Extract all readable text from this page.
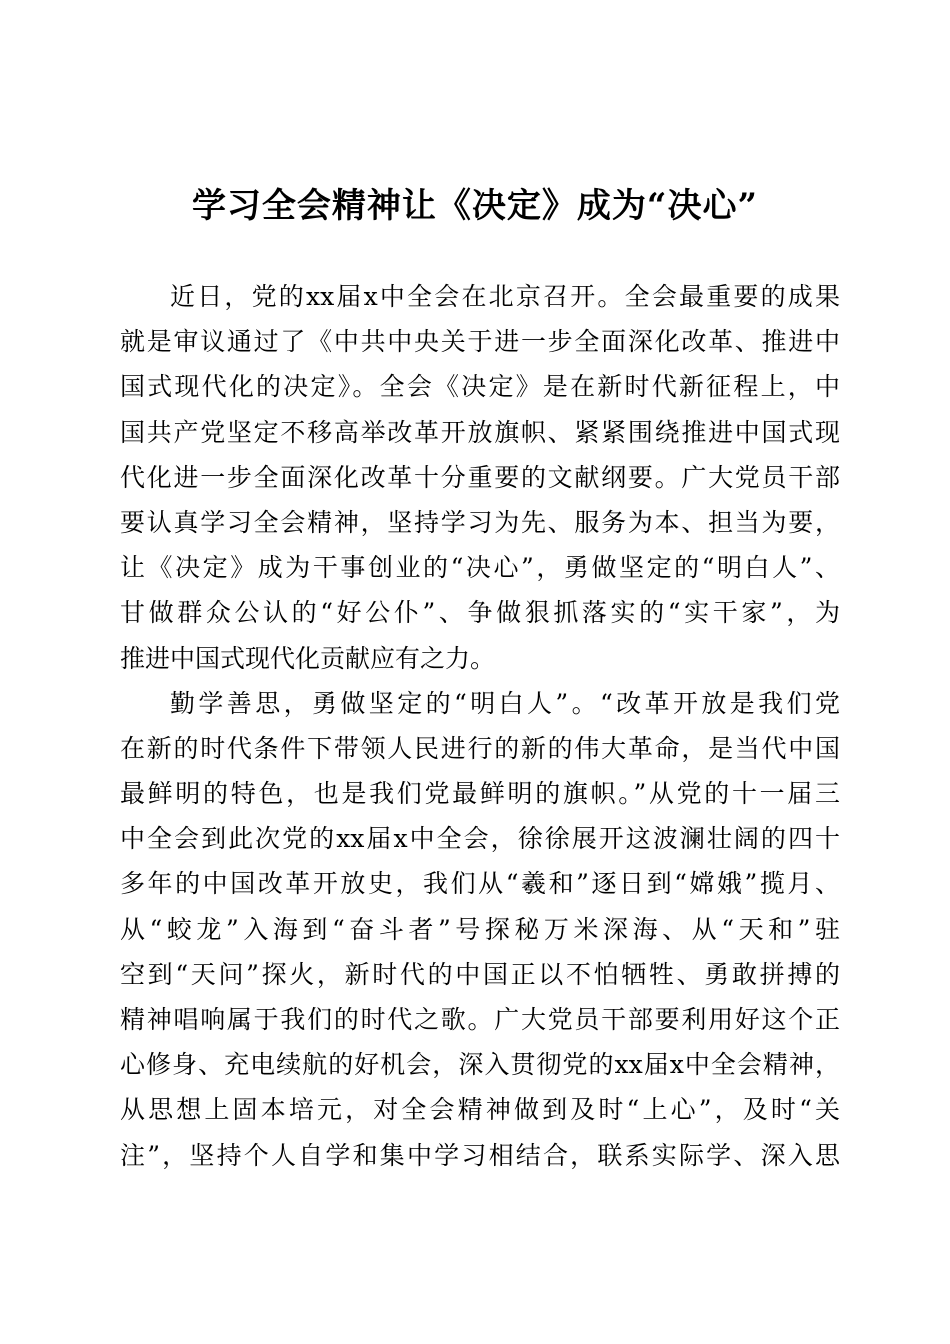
学习全会精神让《决定》成为“决心”
近日，党的xx届x中全会在北京召开。全会最重要的成果
就是审议通过了《中共中央关于进一步全面深化改革、推进中
国式现代化的决定》。全会《决定》是在新时代新征程上，中
国共产党坚定不移高举改革开放旗帜、紧紧围绕推进中国式现
代化进一步全面深化改革十分重要的文献纲要。广大党员干部
要认真学习全会精神，坚持学习为先、服务为本、担当为要，
让《决定》成为干事创业的“决心”，勇做坚定的“明白人”、
甘做群众公认的“好公仆”、争做狠抓落实的“实干家”，为
推进中国式现代化贡献应有之力。
勤学善思，勇做坚定的“明白人”。“改革开放是我们党
在新的时代条件下带领人民进行的新的伟大革命，是当代中国
最鲜明的特色，也是我们党最鲜明的旗帜。”从党的十一届三
中全会到此次党的xx届x中全会，徐徐展开这波澜壮阔的四十
多年的中国改革开放史，我们从“羲和”逐日到“嫦娥”揽月、
从“蛟龙”入海到“奋斗者”号探秘万米深海、从“天和”驻
空到“天问”探火，新时代的中国正以不怕牺牲、勇敢拼搏的
精神唱响属于我们的时代之歌。广大党员干部要利用好这个正
心修身、充电续航的好机会，深入贯彻党的xx届x中全会精神，
从思想上固本培元，对全会精神做到及时“上心”，及时“关
注”，坚持个人自学和集中学习相结合，联系实际学、深入思
